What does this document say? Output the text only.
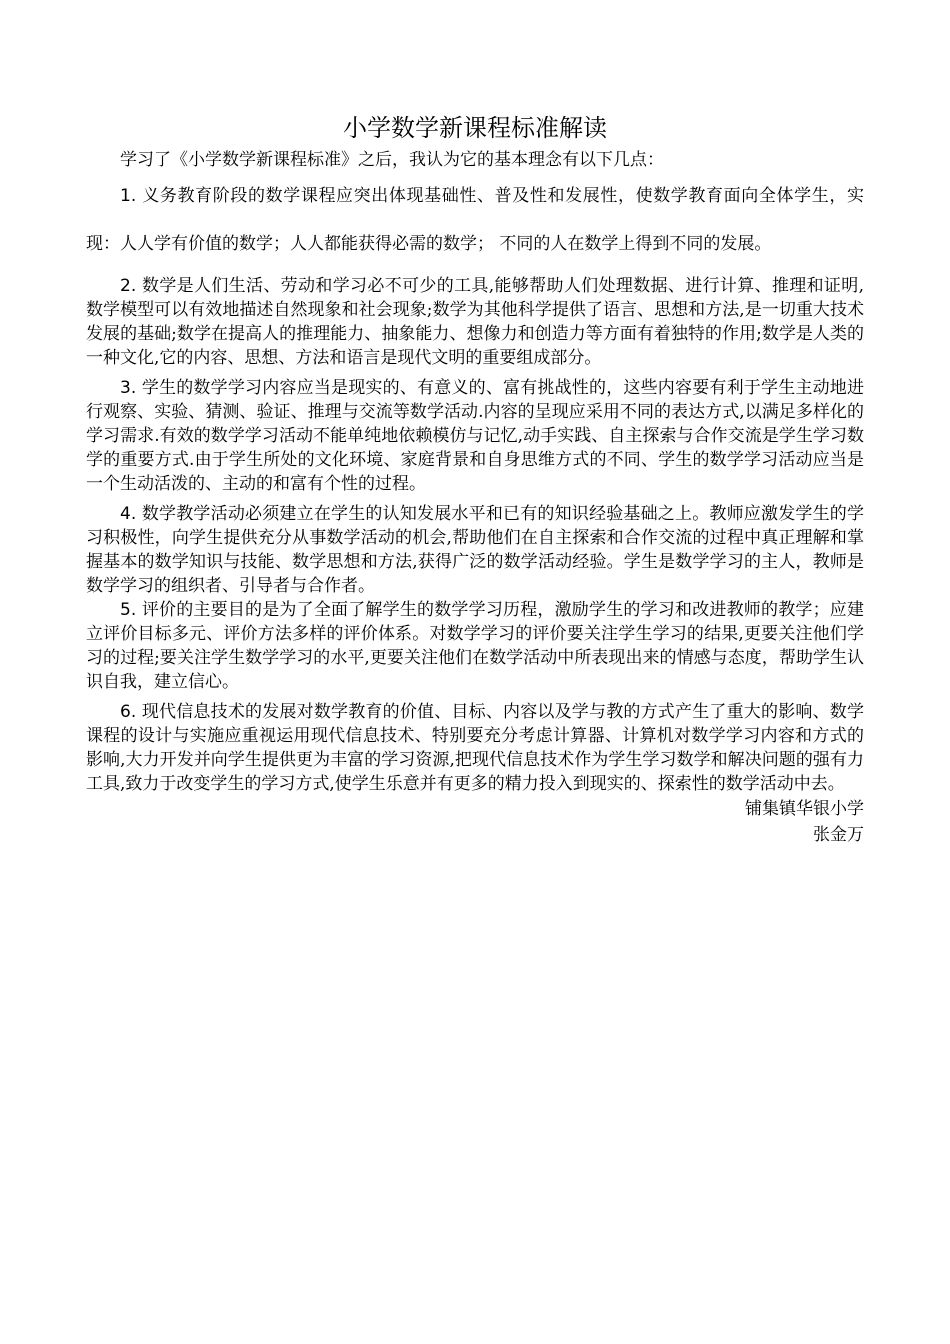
小学数学新课程标准解读

学习了《小学数学新课程标准》之后，我认为它的基本理念有以下几点：

1. 义务教育阶段的数学课程应突出体现基础性、普及性和发展性，使数学教育面向全体学生，实现：人人学有价值的数学；人人都能获得必需的数学； 不同的人在数学上得到不同的发展。

2. 数学是人们生活、劳动和学习必不可少的工具,能够帮助人们处理数据、进行计算、推理和证明,数学模型可以有效地描述自然现象和社会现象;数学为其他科学提供了语言、思想和方法,是一切重大技术发展的基础;数学在提高人的推理能力、抽象能力、想像力和创造力等方面有着独特的作用;数学是人类的一种文化,它的内容、思想、方法和语言是现代文明的重要组成部分。

3. 学生的数学学习内容应当是现实的、有意义的、富有挑战性的，这些内容要有利于学生主动地进行观察、实验、猜测、验证、推理与交流等数学活动.内容的呈现应采用不同的表达方式,以满足多样化的学习需求.有效的数学学习活动不能单纯地依赖模仿与记忆,动手实践、自主探索与合作交流是学生学习数学的重要方式.由于学生所处的文化环境、家庭背景和自身思维方式的不同、学生的数学学习活动应当是一个生动活泼的、主动的和富有个性的过程。

4. 数学教学活动必须建立在学生的认知发展水平和已有的知识经验基础之上。教师应激发学生的学习积极性，向学生提供充分从事数学活动的机会,帮助他们在自主探索和合作交流的过程中真正理解和掌握基本的数学知识与技能、数学思想和方法,获得广泛的数学活动经验。学生是数学学习的主人，教师是数学学习的组织者、引导者与合作者。

5. 评价的主要目的是为了全面了解学生的数学学习历程，激励学生的学习和改进教师的教学；应建立评价目标多元、评价方法多样的评价体系。对数学学习的评价要关注学生学习的结果,更要关注他们学习的过程;要关注学生数学学习的水平,更要关注他们在数学活动中所表现出来的情感与态度，帮助学生认识自我，建立信心。

6. 现代信息技术的发展对数学教育的价值、目标、内容以及学与教的方式产生了重大的影响、数学课程的设计与实施应重视运用现代信息技术、特别要充分考虑计算器、计算机对数学学习内容和方式的影响,大力开发并向学生提供更为丰富的学习资源,把现代信息技术作为学生学习数学和解决问题的强有力工具,致力于改变学生的学习方式,使学生乐意并有更多的精力投入到现实的、探索性的数学活动中去。

铺集镇华银小学

张金万
